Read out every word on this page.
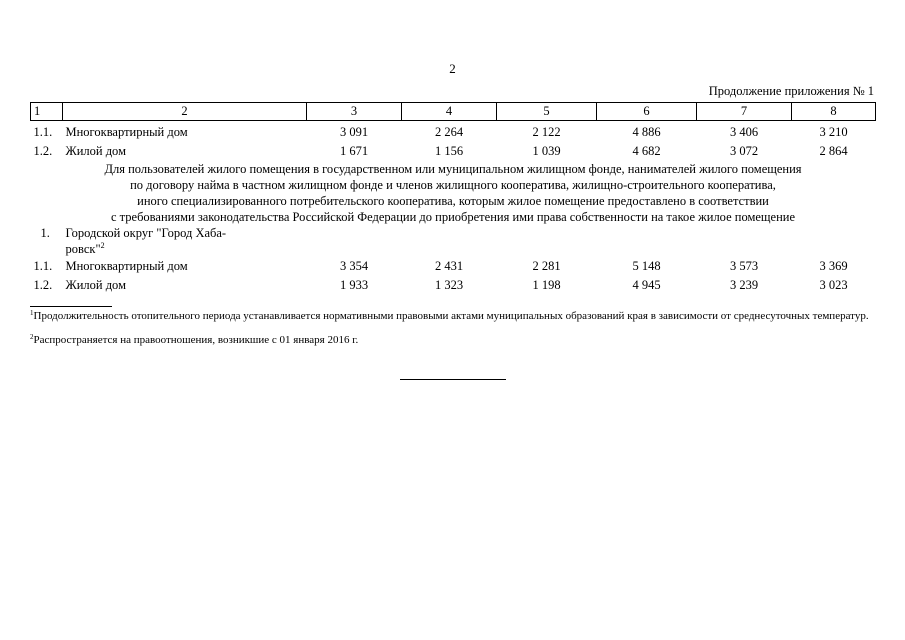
2
Продолжение приложения № 1
1	2	3	4	5	6	7	8

1.1.	Многоквартирный дом	3 091	2 264	2 122	4 886	3 406	3 210
1.2.	Жилой дом	1 671	1 156	1 039	4 682	3 072	2 864

Для пользователей жилого помещения в государственном или муниципальном жилищном фонде, нанимателей жилого помещения
по договору найма в частном жилищном фонде и членов жилищного кооператива, жилищно-строительного кооператива,
иного специализированного потребительского кооператива, которым жилое помещение предоставлено в соответствии
с требованиями законодательства Российской Федерации до приобретения ими права собственности на такое жилое помещение							

1.	Городской округ "Город Хаба-
ровск"$^2$	
1.1.	Многоквартирный дом	3 354	2 431	2 281	5 148	3 573	3 369
1.2.	Жилой дом	1 933	1 323	1 198	4 945	3 239	3 023
$^1$Продолжительность отопительного периода устанавливается нормативными правовыми актами муниципальных образований края в зависимости от среднесуточных температур.
$^2$Распространяется на правоотношения, возникшие с 01 января 2016 г.
